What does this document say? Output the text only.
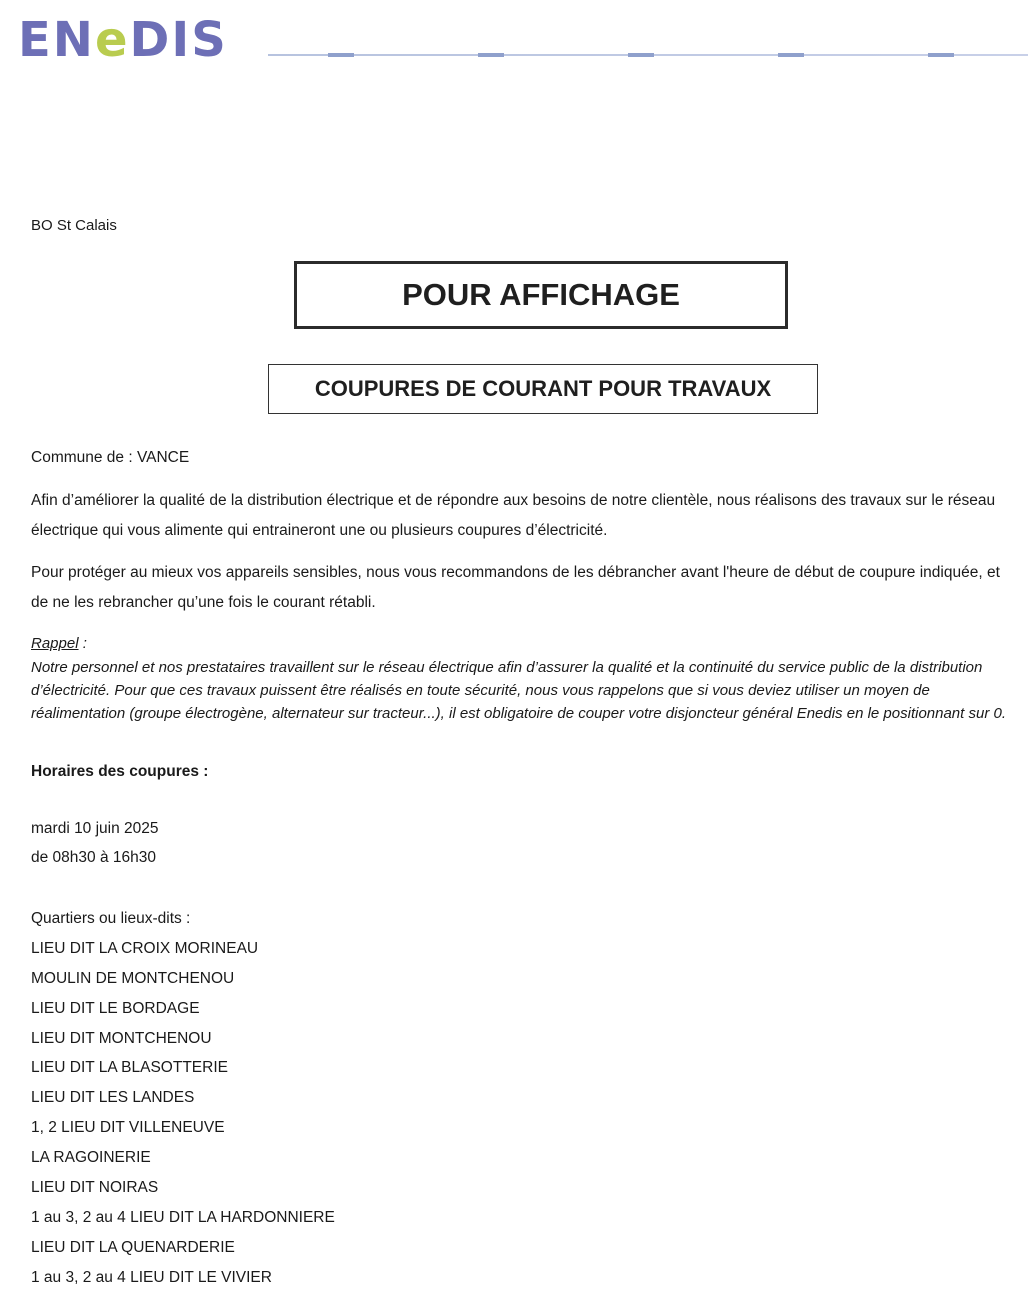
ENeDIS
BO St Calais
POUR AFFICHAGE
COUPURES DE COURANT POUR TRAVAUX
Commune de : VANCE
Afin d’améliorer la qualité de la distribution électrique et de répondre aux besoins de notre clientèle, nous réalisons des travaux sur le réseau électrique qui vous alimente qui entraineront une ou plusieurs coupures d’électricité.
Pour protéger au mieux vos appareils sensibles, nous vous recommandons de les débrancher avant l'heure de début de coupure indiquée, et de ne les rebrancher qu’une fois le courant rétabli.
Rappel :
Notre personnel et nos prestataires travaillent sur le réseau électrique afin d’assurer la qualité et la continuité du service public de la distribution d’électricité. Pour que ces travaux puissent être réalisés en toute sécurité, nous vous rappelons que si vous deviez utiliser un moyen de réalimentation (groupe électrogène, alternateur sur tracteur...), il est obligatoire de couper votre disjoncteur général Enedis en le positionnant sur 0.
Horaires des coupures :
mardi 10 juin 2025
de 08h30 à 16h30
Quartiers ou lieux-dits :
LIEU DIT LA CROIX MORINEAU
MOULIN DE MONTCHENOU
LIEU DIT LE BORDAGE
LIEU DIT MONTCHENOU
LIEU DIT LA BLASOTTERIE
LIEU DIT LES LANDES
1, 2 LIEU DIT VILLENEUVE
LA RAGOINERIE
LIEU DIT NOIRAS
1 au 3, 2 au 4 LIEU DIT LA HARDONNIERE
LIEU DIT LA QUENARDERIE
1 au 3, 2 au 4 LIEU DIT LE VIVIER
